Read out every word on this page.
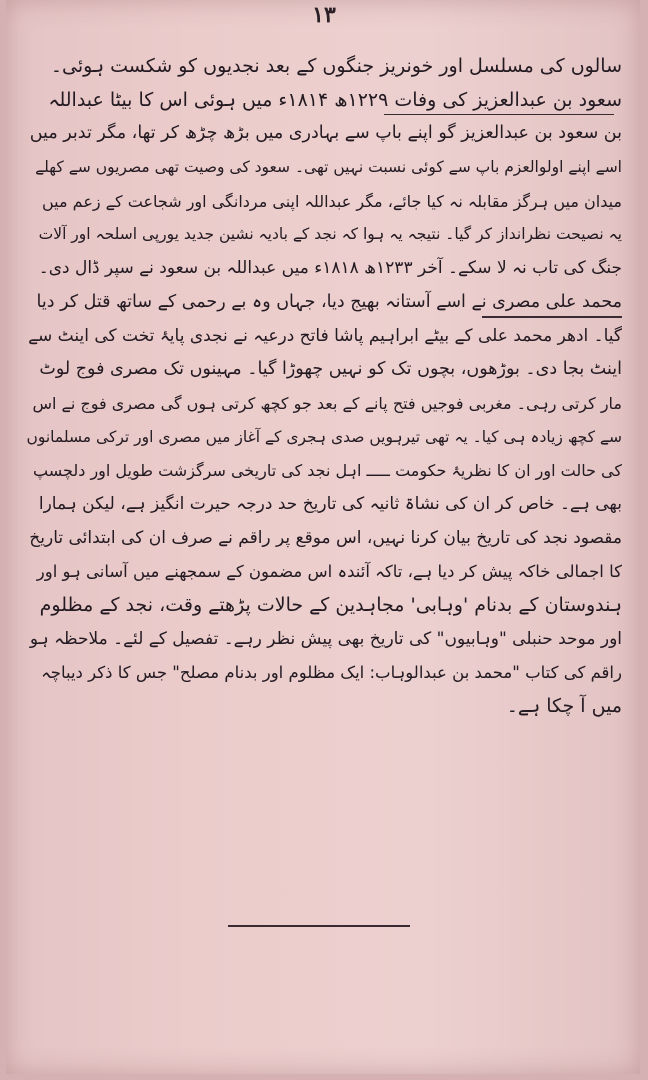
۱۳
سالوں کی مسلسل اور خونریز جنگوں کے بعد نجدیوں کو شکست ہوئی۔
سعود بن عبدالعزیز کی وفات ۱۲۲۹ھ ۱۸۱۴ء میں ہوئی اس کا بیٹا عبداللہ
بن سعود بن عبدالعزیز گو اپنے باپ سے بہادری میں بڑھ چڑھ کر تھا، مگر تدبر میں
اسے اپنے اولوالعزم باپ سے کوئی نسبت نہیں تھی۔ سعود کی وصیت تھی مصریوں سے کھلے
میدان میں ہرگز مقابلہ نہ کیا جائے، مگر عبداللہ اپنی مردانگی اور شجاعت کے زعم میں
یہ نصیحت نظرانداز کر گیا۔ نتیجہ یہ ہوا کہ نجد کے بادیہ نشین جدید یورپی اسلحہ اور آلات
جنگ کی تاب نہ لا سکے۔ آخر ۱۲۳۳ھ ۱۸۱۸ء میں عبداللہ بن سعود نے سپر ڈال دی۔
محمد علی مصری نے اسے آستانہ بھیج دیا، جہاں وہ بے رحمی کے ساتھ قتل کر دیا
گیا۔ ادھر محمد علی کے بیٹے ابراہیم پاشا فاتح درعیہ نے نجدی پایۂ تخت کی اینٹ سے
اینٹ بجا دی۔ بوڑھوں، بچوں تک کو نہیں چھوڑا گیا۔ مہینوں تک مصری فوج لوٹ
مار کرتی رہی۔ مغربی فوجیں فتح پانے کے بعد جو کچھ کرتی ہوں گی مصری فوج نے اس
سے کچھ زیادہ ہی کیا۔ یہ تھی تیرہویں صدی ہجری کے آغاز میں مصری اور ترکی مسلمانوں
کی حالت اور ان کا نظریۂ حکومت ـــــ اہل نجد کی تاریخی سرگزشت طویل اور دلچسپ
بھی ہے۔ خاص کر ان کی نشاۃ ثانیہ کی تاریخ حد درجہ حیرت انگیز ہے، لیکن ہمارا
مقصود نجد کی تاریخ بیان کرنا نہیں، اس موقع پر راقم نے صرف ان کی ابتدائی تاریخ
کا اجمالی خاکہ پیش کر دیا ہے، تاکہ آئندہ اس مضمون کے سمجھنے میں آسانی ہو اور
ہندوستان کے بدنام 'وہابی' مجاہدین کے حالات پڑھتے وقت، نجد کے مظلوم
اور موحد حنبلی "وہابیوں" کی تاریخ بھی پیش نظر رہے۔ تفصیل کے لئے۔ ملاحظہ ہو
راقم کی کتاب "محمد بن عبدالوہاب: ایک مظلوم اور بدنام مصلح" جس کا ذکر دیباچہ
میں آ چکا ہے۔
